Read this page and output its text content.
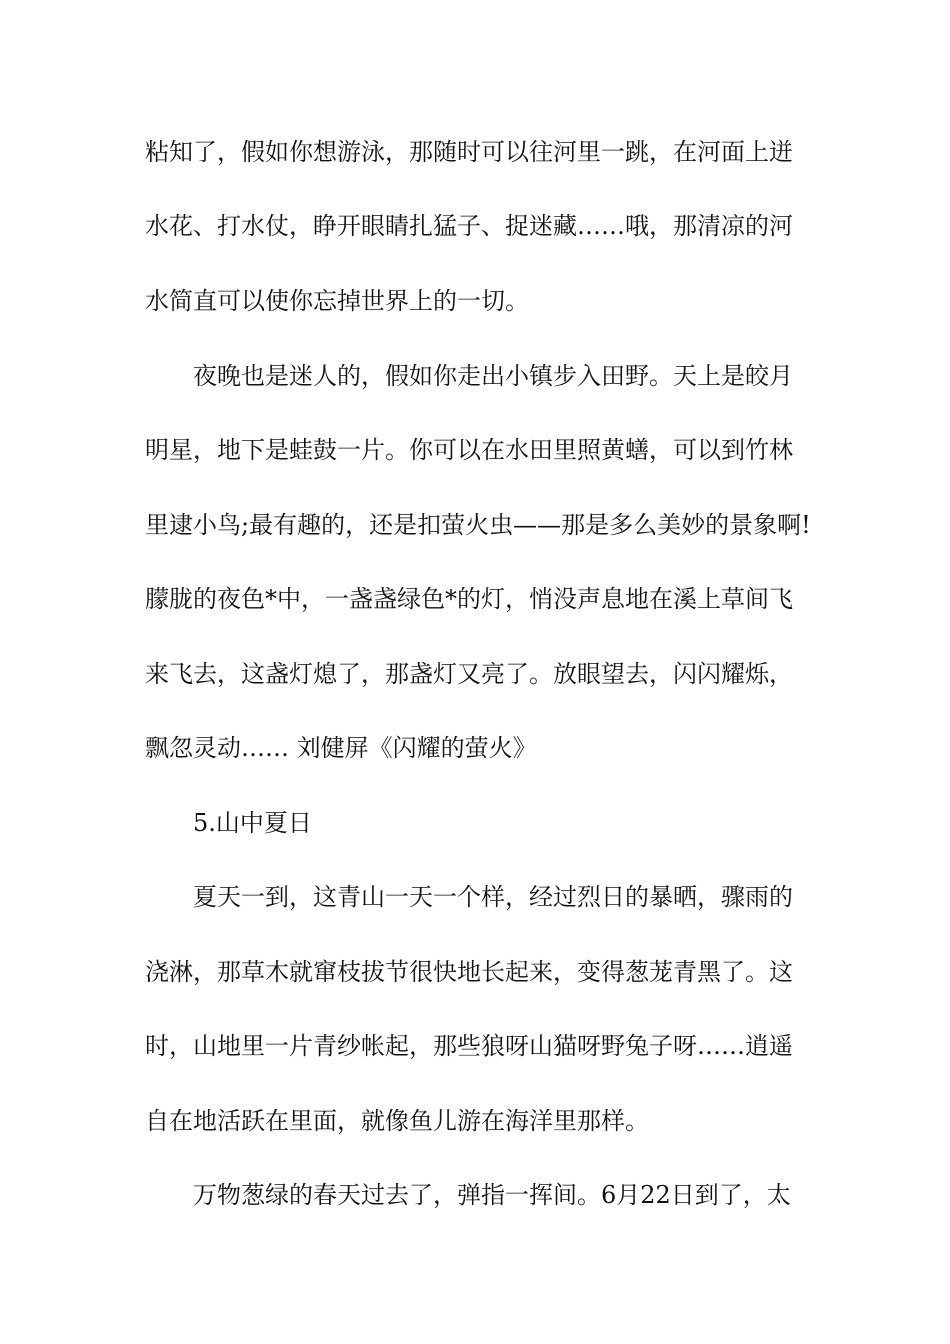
粘知了，假如你想游泳，那随时可以往河里一跳，在河面上迸
水花、打水仗，睁开眼睛扎猛子、捉迷藏……哦，那清凉的河
水简直可以使你忘掉世界上的一切。
夜晚也是迷人的，假如你走出小镇步入田野。天上是皎月
明星，地下是蛙鼓一片。你可以在水田里照黄蟮，可以到竹林
里逮小鸟;最有趣的，还是扣萤火虫——那是多么美妙的景象啊!
朦胧的夜色*中，一盏盏绿色*的灯，悄没声息地在溪上草间飞
来飞去，这盏灯熄了，那盏灯又亮了。放眼望去，闪闪耀烁，
飘忽灵动…… 刘健屏《闪耀的萤火》
5.山中夏日
夏天一到，这青山一天一个样，经过烈日的暴晒，骤雨的
浇淋，那草木就窜枝拔节很快地长起来，变得葱茏青黑了。这
时，山地里一片青纱帐起，那些狼呀山猫呀野兔子呀……逍遥
自在地活跃在里面，就像鱼儿游在海洋里那样。
万物葱绿的春天过去了，弹指一挥间。6月22日到了，太
